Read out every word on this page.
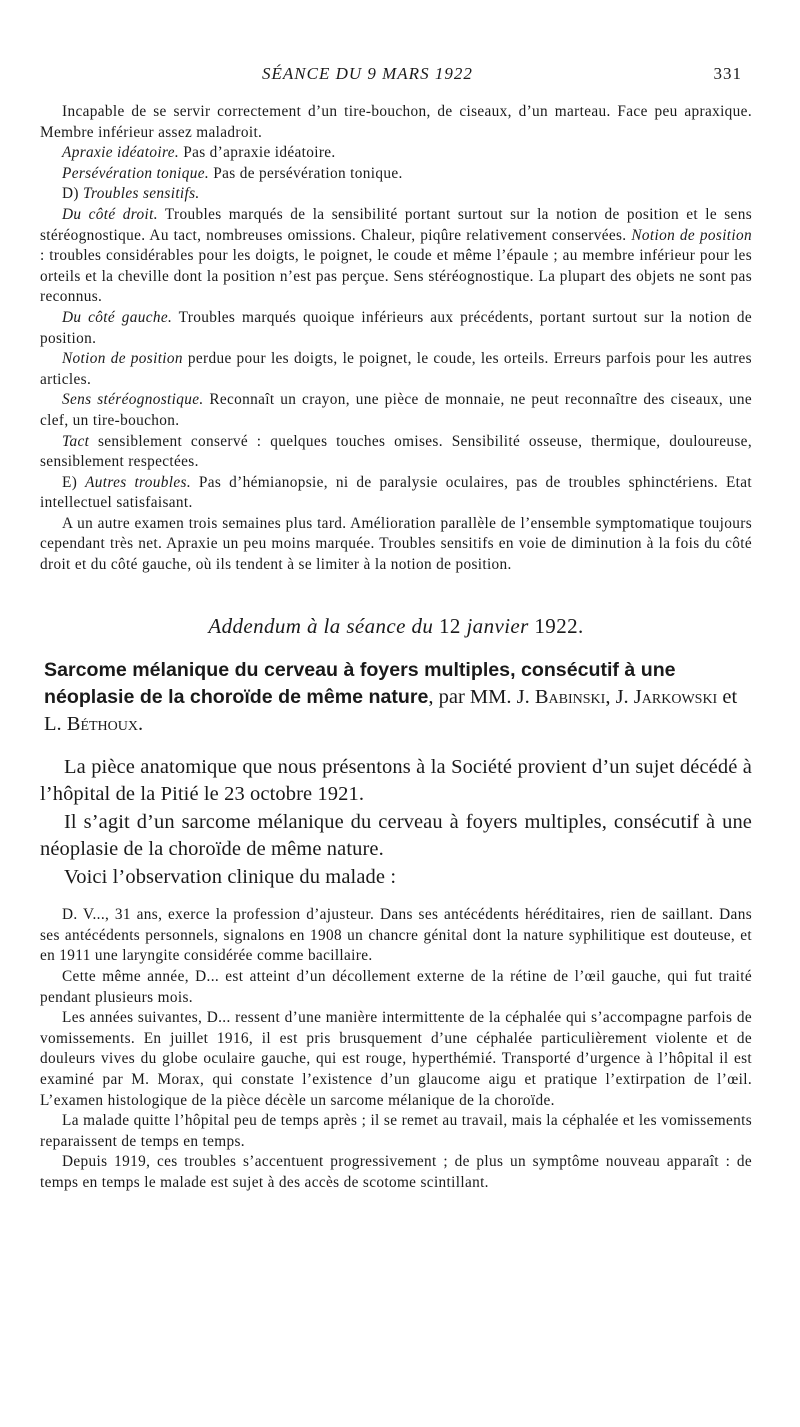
SÉANCE DU 9 MARS 1922	331

Incapable de se servir correctement d’un tire-bouchon, de ciseaux, d’un marteau. Face peu apraxique. Membre inférieur assez maladroit.

Apraxie idéatoire. Pas d’apraxie idéatoire.

Persévération tonique. Pas de persévération tonique.

D) Troubles sensitifs.

Du côté droit. Troubles marqués de la sensibilité portant surtout sur la notion de position et le sens stéréognostique. Au tact, nombreuses omissions. Chaleur, piqûre relativement conservées. Notion de position : troubles considérables pour les doigts, le poignet, le coude et même l’épaule ; au membre inférieur pour les orteils et la cheville dont la position n’est pas perçue. Sens stéréognostique. La plupart des objets ne sont pas reconnus.

Du côté gauche. Troubles marqués quoique inférieurs aux précédents, portant surtout sur la notion de position.

Notion de position perdue pour les doigts, le poignet, le coude, les orteils. Erreurs parfois pour les autres articles.

Sens stéréognostique. Reconnaît un crayon, une pièce de monnaie, ne peut reconnaître des ciseaux, une clef, un tire-bouchon.

Tact sensiblement conservé : quelques touches omises. Sensibilité osseuse, thermique, douloureuse, sensiblement respectées.

E) Autres troubles. Pas d’hémianopsie, ni de paralysie oculaires, pas de troubles sphinctériens. Etat intellectuel satisfaisant.

A un autre examen trois semaines plus tard. Amélioration parallèle de l’ensemble symptomatique toujours cependant très net. Apraxie un peu moins marquée. Troubles sensitifs en voie de diminution à la fois du côté droit et du côté gauche, où ils tendent à se limiter à la notion de position.

Addendum à la séance du 12 janvier 1922.
Sarcome mélanique du cerveau à foyers multiples, consécutif à une néoplasie de la choroïde de même nature, par MM. J. Babinski, J. Jarkowski et L. Béthoux.

La pièce anatomique que nous présentons à la Société provient d’un sujet décédé à l’hôpital de la Pitié le 23 octobre 1921.

Il s’agit d’un sarcome mélanique du cerveau à foyers multiples, consécutif à une néoplasie de la choroïde de même nature.

Voici l’observation clinique du malade :

D. V..., 31 ans, exerce la profession d’ajusteur. Dans ses antécédents héréditaires, rien de saillant. Dans ses antécédents personnels, signalons en 1908 un chancre génital dont la nature syphilitique est douteuse, et en 1911 une laryngite considérée comme bacillaire.

Cette même année, D... est atteint d’un décollement externe de la rétine de l’œil gauche, qui fut traité pendant plusieurs mois.

Les années suivantes, D... ressent d’une manière intermittente de la céphalée qui s’accompagne parfois de vomissements. En juillet 1916, il est pris brusquement d’une céphalée particulièrement violente et de douleurs vives du globe oculaire gauche, qui est rouge, hyperthémié. Transporté d’urgence à l’hôpital il est examiné par M. Morax, qui constate l’existence d’un glaucome aigu et pratique l’extirpation de l’œil. L’examen histologique de la pièce décèle un sarcome mélanique de la choroïde.

La malade quitte l’hôpital peu de temps après ; il se remet au travail, mais la céphalée et les vomissements reparaissent de temps en temps.

Depuis 1919, ces troubles s’accentuent progressivement ; de plus un symptôme nouveau apparaît : de temps en temps le malade est sujet à des accès de scotome scintillant.
